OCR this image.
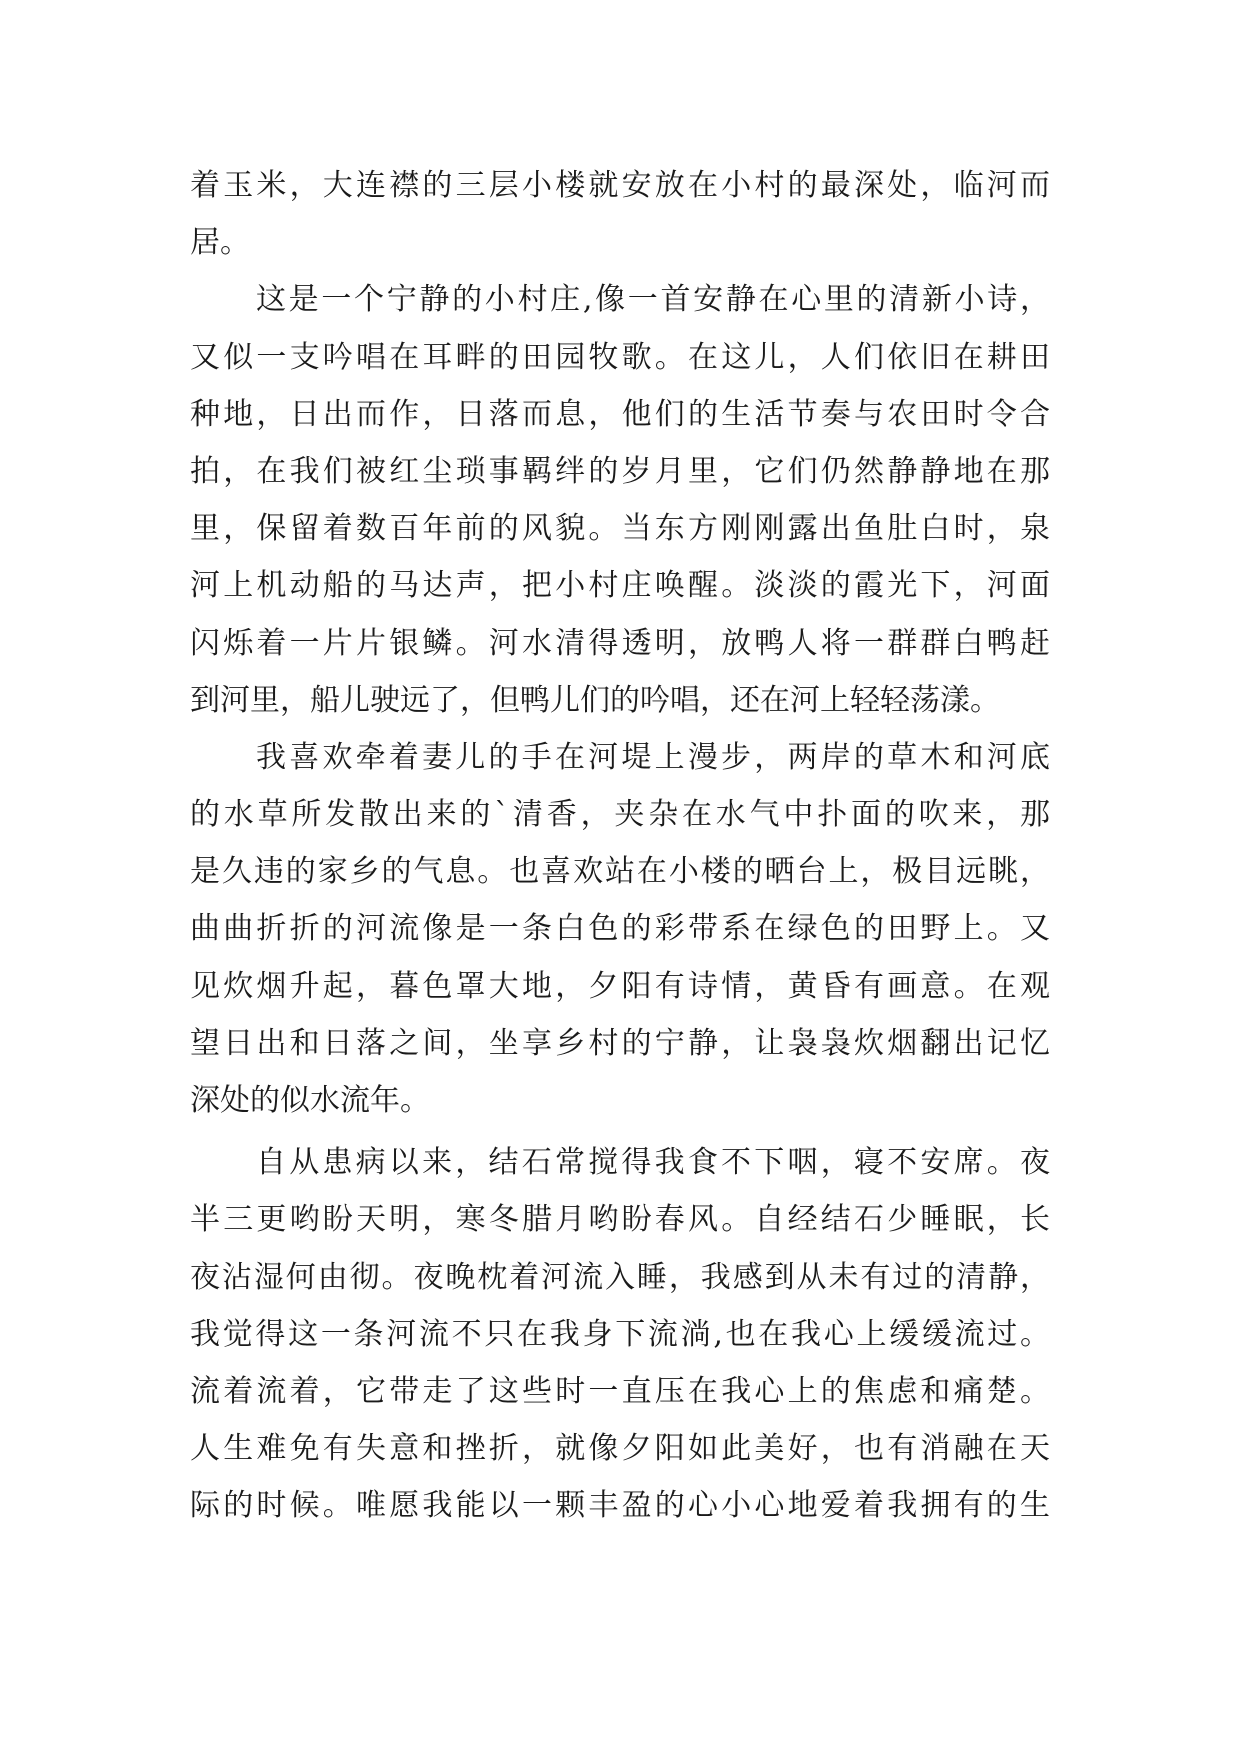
着玉米，大连襟的三层小楼就安放在小村的最深处，临河而
居。
这是一个宁静的小村庄,像一首安静在心里的清新小诗，
又似一支吟唱在耳畔的田园牧歌。在这儿，人们依旧在耕田
种地，日出而作，日落而息，他们的生活节奏与农田时令合
拍，在我们被红尘琐事羁绊的岁月里，它们仍然静静地在那
里，保留着数百年前的风貌。当东方刚刚露出鱼肚白时，泉
河上机动船的马达声，把小村庄唤醒。淡淡的霞光下，河面
闪烁着一片片银鳞。河水清得透明，放鸭人将一群群白鸭赶
到河里，船儿驶远了，但鸭儿们的吟唱，还在河上轻轻荡漾。
我喜欢牵着妻儿的手在河堤上漫步，两岸的草木和河底
的水草所发散出来的`清香，夹杂在水气中扑面的吹来，那
是久违的家乡的气息。也喜欢站在小楼的晒台上，极目远眺，
曲曲折折的河流像是一条白色的彩带系在绿色的田野上。又
见炊烟升起，暮色罩大地，夕阳有诗情，黄昏有画意。在观
望日出和日落之间，坐享乡村的宁静，让袅袅炊烟翻出记忆
深处的似水流年。
自从患病以来，结石常搅得我食不下咽，寝不安席。夜
半三更哟盼天明，寒冬腊月哟盼春风。自经结石少睡眠，长
夜沾湿何由彻。夜晚枕着河流入睡，我感到从未有过的清静，
我觉得这一条河流不只在我身下流淌,也在我心上缓缓流过。
流着流着，它带走了这些时一直压在我心上的焦虑和痛楚。
人生难免有失意和挫折，就像夕阳如此美好，也有消融在天
际的时候。唯愿我能以一颗丰盈的心小心地爱着我拥有的生
